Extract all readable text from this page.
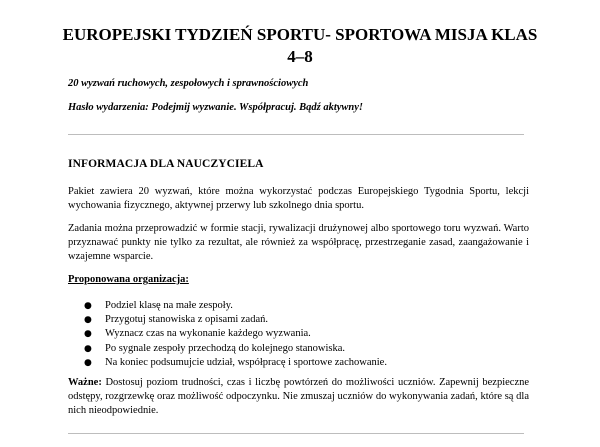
EUROPEJSKI TYDZIEŃ SPORTU- SPORTOWA MISJA KLAS 4–8
20 wyzwań ruchowych, zespołowych i sprawnościowych
Hasło wydarzenia: Podejmij wyzwanie. Współpracuj. Bądź aktywny!
INFORMACJA DLA NAUCZYCIELA
Pakiet zawiera 20 wyzwań, które można wykorzystać podczas Europejskiego Tygodnia Sportu, lekcji wychowania fizycznego, aktywnej przerwy lub szkolnego dnia sportu.
Zadania można przeprowadzić w formie stacji, rywalizacji drużynowej albo sportowego toru wyzwań. Warto przyznawać punkty nie tylko za rezultat, ale również za współpracę, przestrzeganie zasad, zaangażowanie i wzajemne wsparcie.
Proponowana organizacja:
● Podziel klasę na małe zespoły.
● Przygotuj stanowiska z opisami zadań.
● Wyznacz czas na wykonanie każdego wyzwania.
● Po sygnale zespoły przechodzą do kolejnego stanowiska.
● Na koniec podsumujcie udział, współpracę i sportowe zachowanie.
Ważne: Dostosuj poziom trudności, czas i liczbę powtórzeń do możliwości uczniów. Zapewnij bezpieczne odstępy, rozgrzewkę oraz możliwość odpoczynku. Nie zmuszaj uczniów do wykonywania zadań, które są dla nich nieodpowiednie.
